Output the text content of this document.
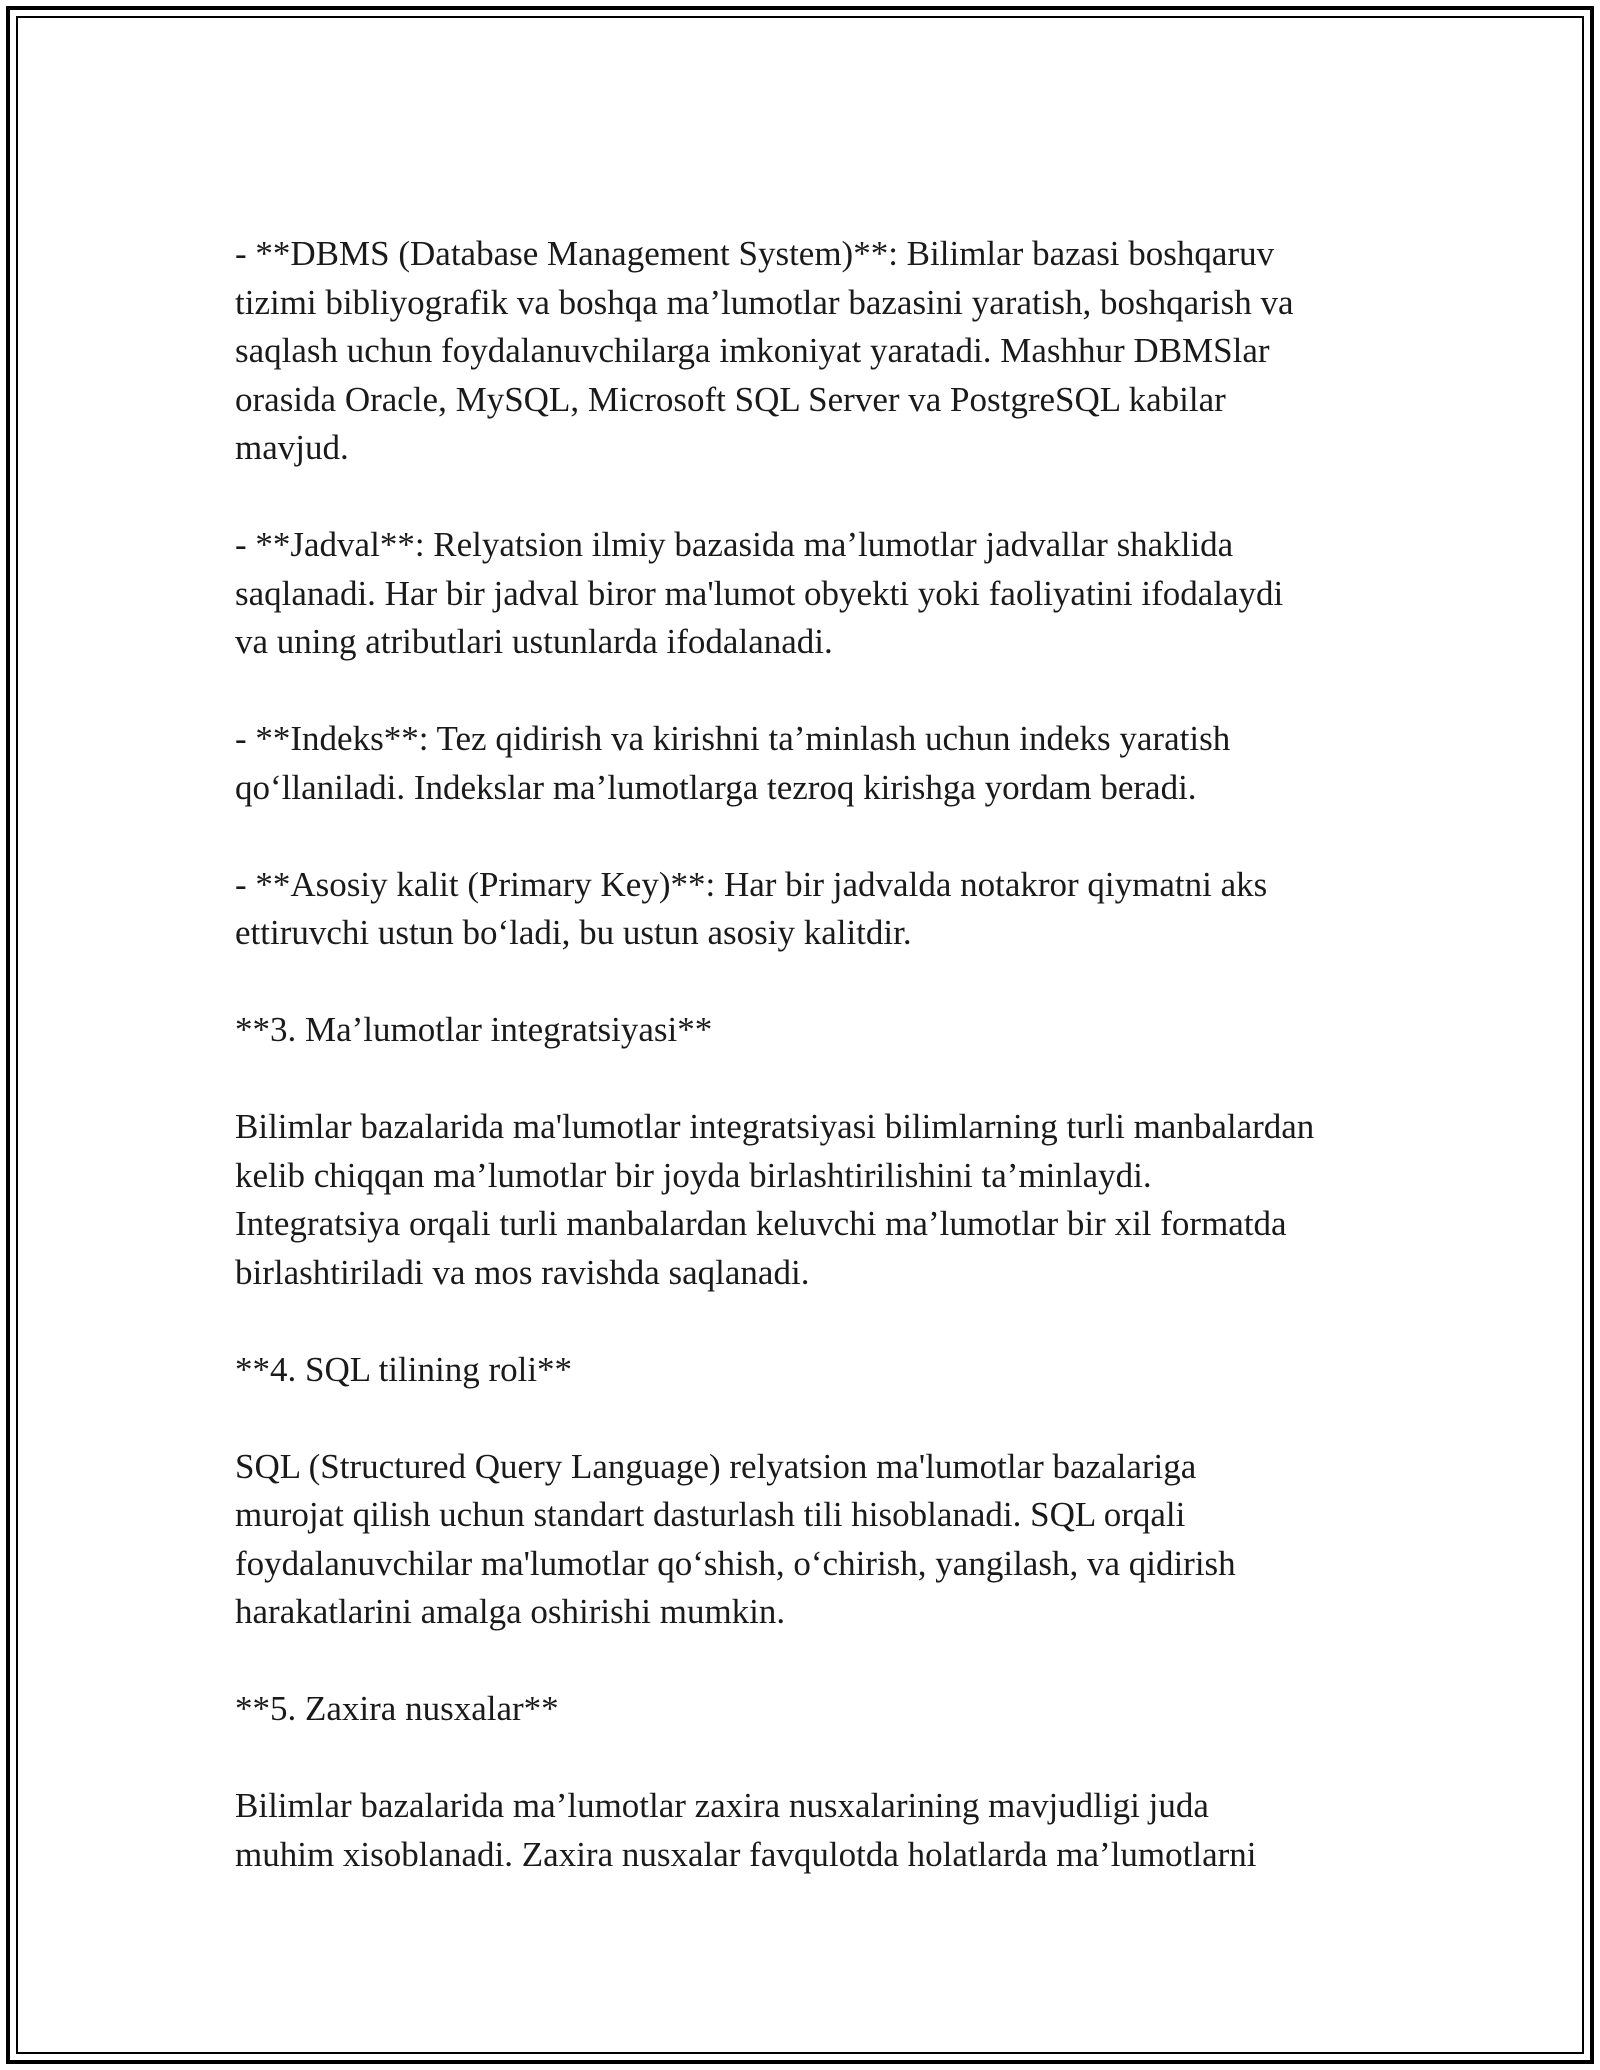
- **DBMS (Database Management System)**: Bilimlar bazasi boshqaruv
tizimi bibliyografik va boshqa ma’lumotlar bazasini yaratish, boshqarish va
saqlash uchun foydalanuvchilarga imkoniyat yaratadi. Mashhur DBMSlar
orasida Oracle, MySQL, Microsoft SQL Server va PostgreSQL kabilar
mavjud.

- **Jadval**: Relyatsion ilmiy bazasida ma’lumotlar jadvallar shaklida
saqlanadi. Har bir jadval biror ma'lumot obyekti yoki faoliyatini ifodalaydi
va uning atributlari ustunlarda ifodalanadi.

- **Indeks**: Tez qidirish va kirishni ta’minlash uchun indeks yaratish
qo‘llaniladi. Indekslar ma’lumotlarga tezroq kirishga yordam beradi.

- **Asosiy kalit (Primary Key)**: Har bir jadvalda notakror qiymatni aks
ettiruvchi ustun bo‘ladi, bu ustun asosiy kalitdir.

**3. Ma’lumotlar integratsiyasi**

Bilimlar bazalarida ma'lumotlar integratsiyasi bilimlarning turli manbalardan
kelib chiqqan ma’lumotlar bir joyda birlashtirilishini ta’minlaydi.
Integratsiya orqali turli manbalardan keluvchi ma’lumotlar bir xil formatda
birlashtiriladi va mos ravishda saqlanadi.

**4. SQL tilining roli**

SQL (Structured Query Language) relyatsion ma'lumotlar bazalariga
murojat qilish uchun standart dasturlash tili hisoblanadi. SQL orqali
foydalanuvchilar ma'lumotlar qo‘shish, o‘chirish, yangilash, va qidirish
harakatlarini amalga oshirishi mumkin.

**5. Zaxira nusxalar**

Bilimlar bazalarida ma’lumotlar zaxira nusxalarining mavjudligi juda
muhim xisoblanadi. Zaxira nusxalar favqulotda holatlarda ma’lumotlarni
